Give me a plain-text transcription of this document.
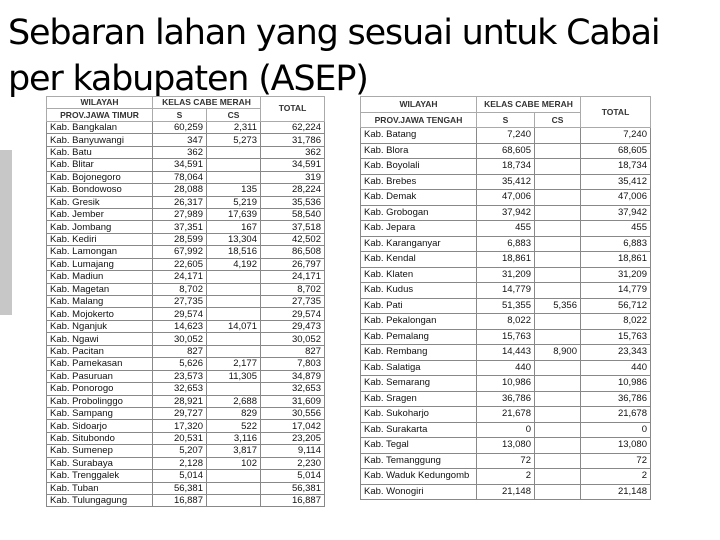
Sebaran lahan yang sesuai untuk Cabai
per kabupaten (ASEP)
WILAYAH	KELAS CABE MERAH		TOTAL
PROV.JAWA TIMUR	S	CS	
Kab. Bangkalan	60,259	2,311	62,224
Kab. Banyuwangi	347	5,273	31,786
Kab. Batu	362		362
Kab. Blitar	34,591		34,591
Kab. Bojonegoro	78,064		319
Kab. Bondowoso	28,088	135	28,224
Kab. Gresik	26,317	5,219	35,536
Kab. Jember	27,989	17,639	58,540
Kab. Jombang	37,351	167	37,518
Kab. Kediri	28,599	13,304	42,502
Kab. Lamongan	67,992	18,516	86,508
Kab. Lumajang	22,605	4,192	26,797
Kab. Madiun	24,171		24,171
Kab. Magetan	8,702		8,702
Kab. Malang	27,735		27,735
Kab. Mojokerto	29,574		29,574
Kab. Nganjuk	14,623	14,071	29,473
Kab. Ngawi	30,052		30,052
Kab. Pacitan	827		827
Kab. Pamekasan	5,626	2,177	7,803
Kab. Pasuruan	23,573	11,305	34,879
Kab. Ponorogo	32,653		32,653
Kab. Probolinggo	28,921	2,688	31,609
Kab. Sampang	29,727	829	30,556
Kab. Sidoarjo	17,320	522	17,042
Kab. Situbondo	20,531	3,116	23,205
Kab. Sumenep	5,207	3,817	9,114
Kab. Surabaya	2,128	102	2,230
Kab. Trenggalek	5,014		5,014
Kab. Tuban	56,381		56,381
Kab. Tulungagung	16,887		16,887
WILAYAH	KELAS CABE MERAH		TOTAL
PROV.JAWA TENGAH	S	CS	
Kab. Batang	7,240		7,240
Kab. Blora	68,605		68,605
Kab. Boyolali	18,734		18,734
Kab. Brebes	35,412		35,412
Kab. Demak	47,006		47,006
Kab. Grobogan	37,942		37,942
Kab. Jepara	455		455
Kab. Karanganyar	6,883		6,883
Kab. Kendal	18,861		18,861
Kab. Klaten	31,209		31,209
Kab. Kudus	14,779		14,779
Kab. Pati	51,355	5,356	56,712
Kab. Pekalongan	8,022		8,022
Kab. Pemalang	15,763		15,763
Kab. Rembang	14,443	8,900	23,343
Kab. Salatiga	440		440
Kab. Semarang	10,986		10,986
Kab. Sragen	36,786		36,786
Kab. Sukoharjo	21,678		21,678
Kab. Surakarta	0		0
Kab. Tegal	13,080		13,080
Kab. Temanggung	72		72
Kab. Waduk Kedungomb	2		2
Kab. Wonogiri	21,148		21,148
